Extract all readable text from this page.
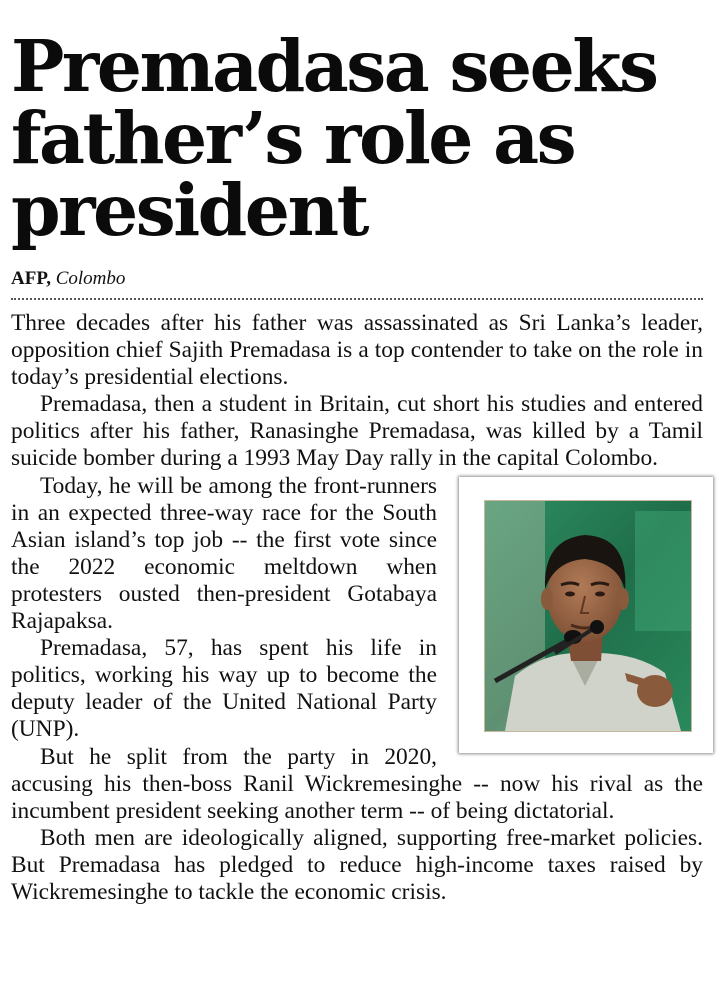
Premadasa seeks
father’s role as
president
AFP, Colombo

Three decades after his father was assassinated as Sri Lanka’s leader, opposition chief Sajith Premadasa is a top contender to take on the role in today’s presidential elections.

Premadasa, then a student in Britain, cut short his studies and entered politics after his father, Ranasinghe Premadasa, was killed by a Tamil suicide bomber during a 1993 May Day rally in the capital Colombo.

Today, he will be among the front-runners in an expected three-way race for the South Asian island’s top job -- the first vote since the 2022 economic meltdown when protesters ousted then-president Gotabaya Rajapaksa.

Premadasa, 57, has spent his life in politics, working his way up to become the deputy leader of the United National Party (UNP).

But he split from the party in 2020, accusing his then-boss Ranil Wickremesinghe -- now his rival as the incumbent president seeking another term -- of being dictatorial.

Both men are ideologically aligned, supporting free-market policies. But Premadasa has pledged to reduce high-income taxes raised by Wickremesinghe to tackle the economic crisis.
